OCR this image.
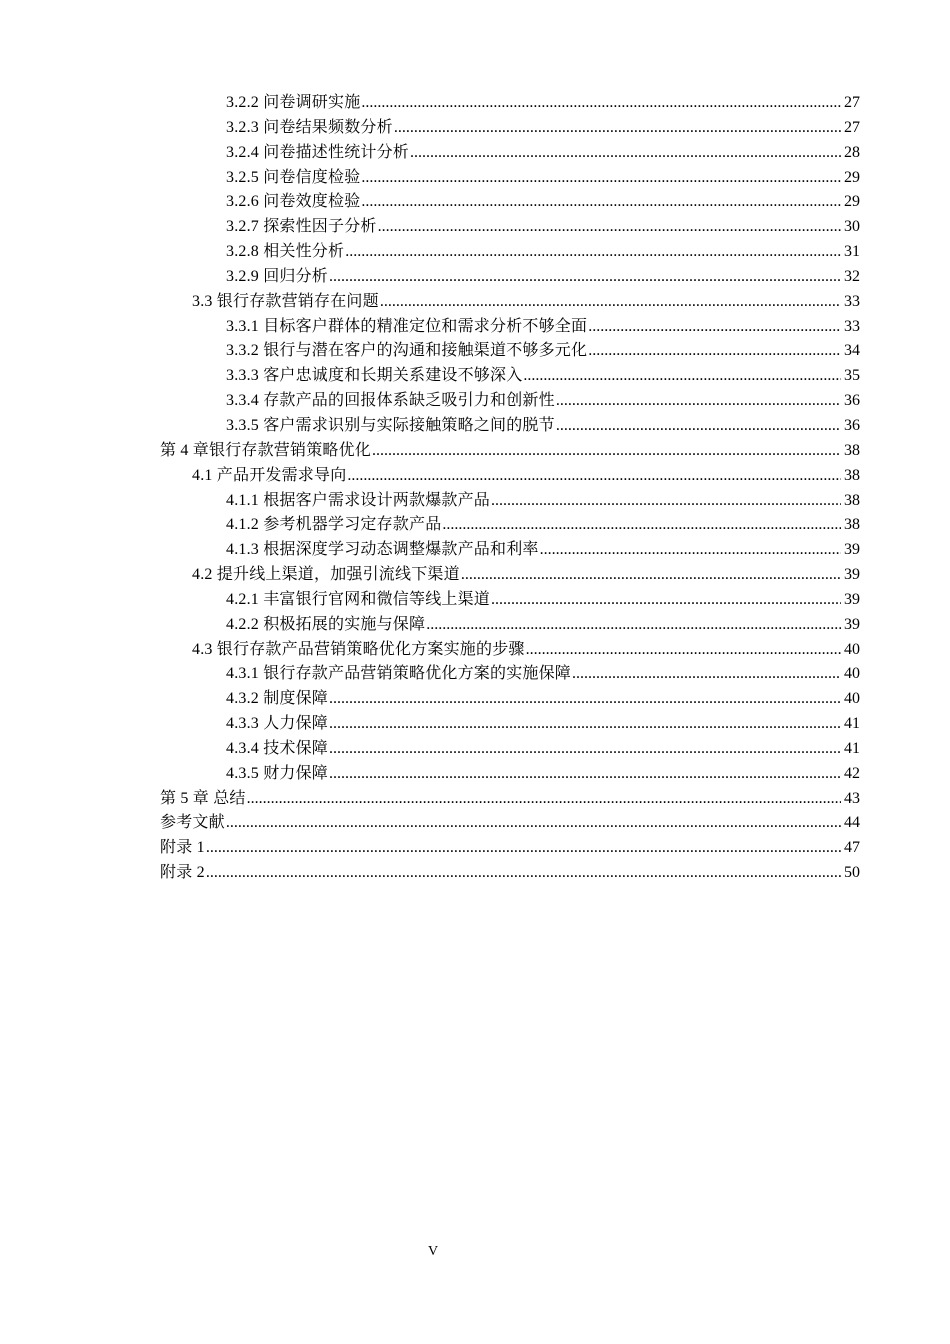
3.2.2 问卷调研实施 .....	27
3.2.3 问卷结果频数分析 .....	27
3.2.4 问卷描述性统计分析 .....	28
3.2.5 问卷信度检验 .....	29
3.2.6 问卷效度检验 .....	29
3.2.7 探索性因子分析 .....	30
3.2.8 相关性分析 .....	31
3.2.9 回归分析 .....	32
3.3 银行存款营销存在问题 .....	33
3.3.1 目标客户群体的精准定位和需求分析不够全面 .....	33
3.3.2 银行与潜在客户的沟通和接触渠道不够多元化 .....	34
3.3.3 客户忠诚度和长期关系建设不够深入 .....	35
3.3.4 存款产品的回报体系缺乏吸引力和创新性 .....	36
3.3.5 客户需求识别与实际接触策略之间的脱节 .....	36
第 4 章银行存款营销策略优化 .....	38
4.1 产品开发需求导向 .....	38
4.1.1 根据客户需求设计两款爆款产品 .....	38
4.1.2 参考机器学习定存款产品 .....	38
4.1.3 根据深度学习动态调整爆款产品和利率 .....	39
4.2 提升线上渠道，加强引流线下渠道 .....	39
4.2.1 丰富银行官网和微信等线上渠道 .....	39
4.2.2 积极拓展的实施与保障 .....	39
4.3 银行存款产品营销策略优化方案实施的步骤 .....	40
4.3.1 银行存款产品营销策略优化方案的实施保障 .....	40
4.3.2 制度保障 .....	40
4.3.3 人力保障 .....	41
4.3.4 技术保障 .....	41
4.3.5 财力保障 .....	42
第 5 章 总结 .....	43
参考文献 .....	44
附录 1 .....	47
附录 2 .....	50
V
